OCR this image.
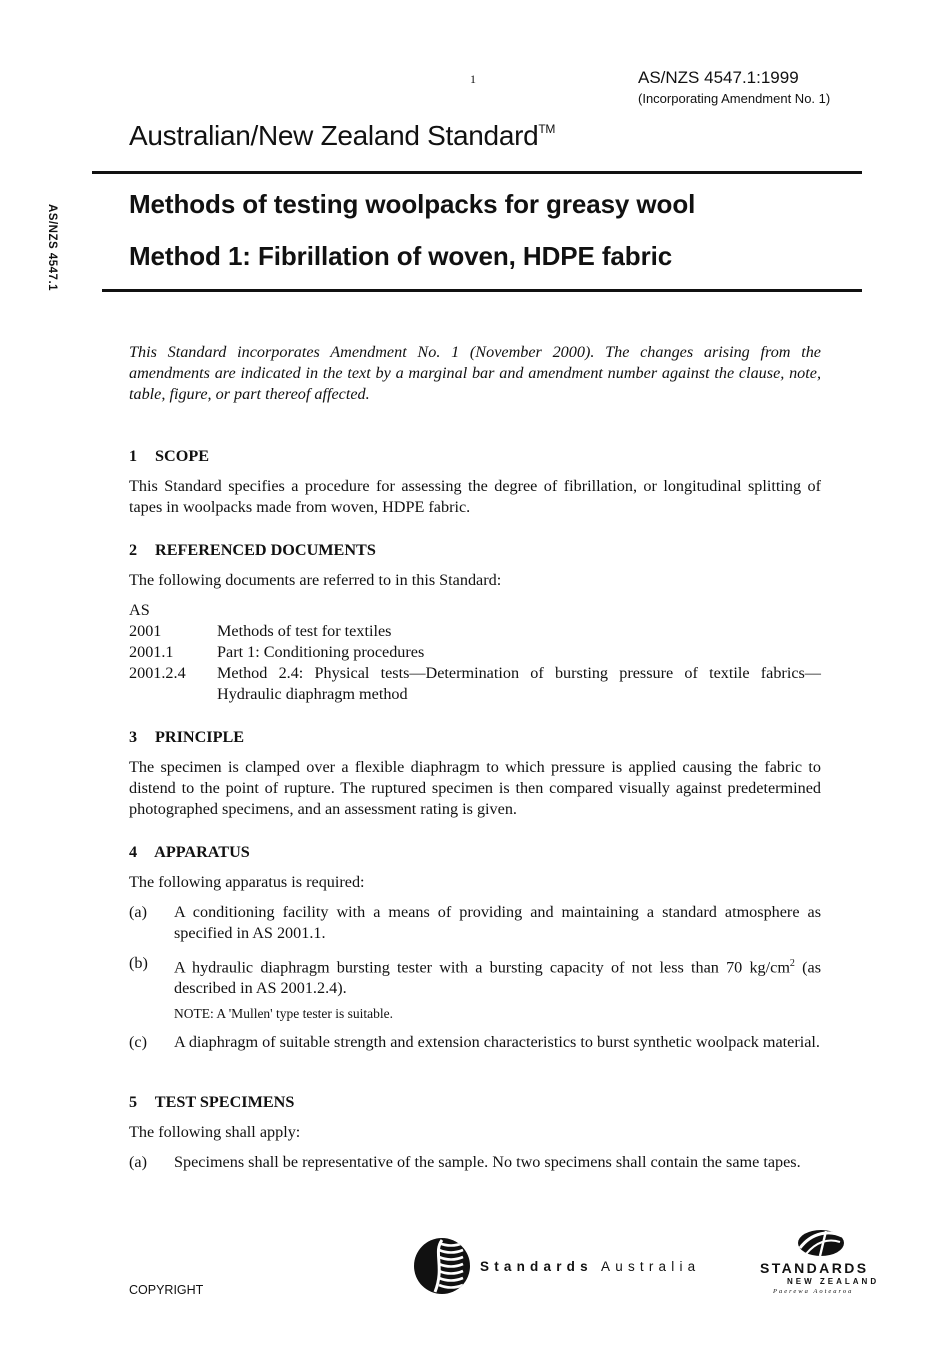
1	AS/NZS 4547.1:1999
(Incorporating Amendment No. 1)
AS/NZS 4547.1
Australian/New Zealand Standard™
Methods of testing woolpacks for greasy wool
Method 1: Fibrillation of woven, HDPE fabric
This Standard incorporates Amendment No. 1 (November 2000). The changes arising from the amendments are indicated in the text by a marginal bar and amendment number against the clause, note, table, figure, or part thereof affected.

1 SCOPE

This Standard specifies a procedure for assessing the degree of fibrillation, or longitudinal splitting of tapes in woolpacks made from woven, HDPE fabric.

2 REFERENCED DOCUMENTS

The following documents are referred to in this Standard:

AS
2001	Methods of test for textiles
2001.1	Part 1: Conditioning procedures
2001.2.4	Method 2.4: Physical tests—Determination of bursting pressure of textile fabrics—Hydraulic diaphragm method

3 PRINCIPLE

The specimen is clamped over a flexible diaphragm to which pressure is applied causing the fabric to distend to the point of rupture. The ruptured specimen is then compared visually against predetermined photographed specimens, and an assessment rating is given.

4 APPARATUS

The following apparatus is required:

(a)	A conditioning facility with a means of providing and maintaining a standard atmosphere as specified in AS 2001.1.
(b)	A hydraulic diaphragm bursting tester with a bursting capacity of not less than 70 $kg/cm^2$ (as described in AS 2001.2.4).
NOTE: A 'Mullen' type tester is suitable.
(c)	A diaphragm of suitable strength and extension characteristics to burst synthetic woolpack material.

5 TEST SPECIMENS

The following shall apply:

(a)	Specimens shall be representative of the sample. No two specimens shall contain the same tapes.
COPYRIGHT
Standards Australia	STANDARDS
NEW ZEALAND
Paerewa Aotearoa
